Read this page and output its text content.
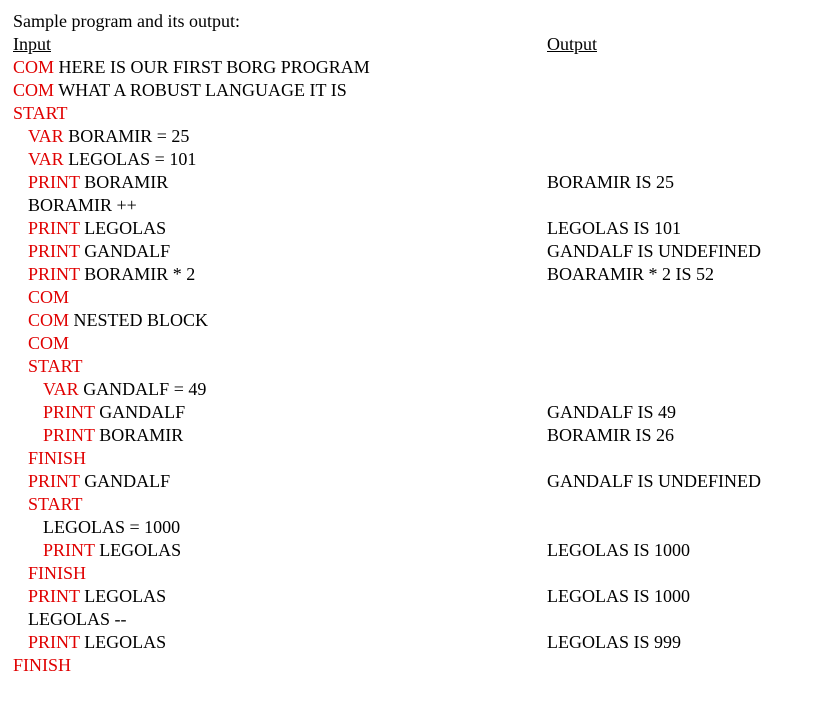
Sample program and its output:
Input	Output
COM HERE IS OUR FIRST BORG PROGRAM
COM WHAT A ROBUST LANGUAGE IT IS
START
VAR BORAMIR = 25
VAR LEGOLAS = 101
PRINT BORAMIR	BORAMIR IS 25
BORAMIR ++
PRINT LEGOLAS	LEGOLAS IS 101
PRINT GANDALF	GANDALF IS UNDEFINED
PRINT BORAMIR * 2	BOARAMIR * 2 IS 52
COM
COM NESTED BLOCK
COM
START
VAR GANDALF = 49
PRINT GANDALF	GANDALF IS 49
PRINT BORAMIR	BORAMIR IS 26
FINISH
PRINT GANDALF	GANDALF IS UNDEFINED
START
LEGOLAS = 1000
PRINT LEGOLAS	LEGOLAS IS 1000
FINISH
PRINT LEGOLAS	LEGOLAS IS 1000
LEGOLAS --
PRINT LEGOLAS	LEGOLAS IS 999
FINISH
